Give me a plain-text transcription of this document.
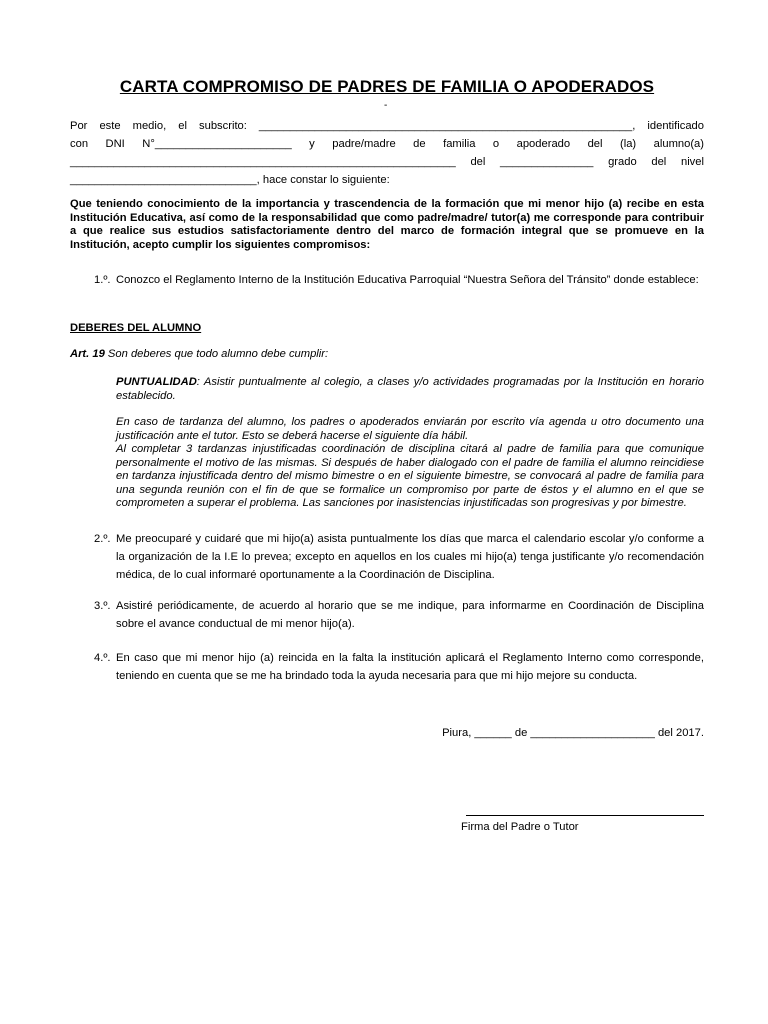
CARTA COMPROMISO DE PADRES DE FAMILIA O APODERADOS
-
Por este medio, el subscrito: ____________________________________________________________, identificado
con DNI N°______________________ y padre/madre de familia o apoderado del (la) alumno(a)
______________________________________________________________ del _______________ grado del nivel
______________________________, hace constar lo siguiente:
Que teniendo conocimiento de la importancia y trascendencia de la formación que mi menor hijo (a) recibe en esta Institución Educativa, así como de la responsabilidad que como padre/madre/ tutor(a) me corresponde para contribuir a que realice sus estudios satisfactoriamente dentro del marco de formación integral que se promueve en la Institución, acepto cumplir los siguientes compromisos:
1.º. Conozco el Reglamento Interno de la Institución Educativa Parroquial “Nuestra Señora del Tránsito” donde establece:
DEBERES DEL ALUMNO
Art. 19 Son deberes que todo alumno debe cumplir:
PUNTUALIDAD: Asistir puntualmente al colegio, a clases y/o actividades programadas por la Institución en horario establecido.
En caso de tardanza del alumno, los padres o apoderados enviarán por escrito vía agenda u otro documento una justificación ante el tutor. Esto se deberá hacerse el siguiente día hábil.
Al completar 3 tardanzas injustificadas coordinación de disciplina citará al padre de familia para que comunique personalmente el motivo de las mismas. Si después de haber dialogado con el padre de familia el alumno reincidiese en tardanza injustificada dentro del mismo bimestre o en el siguiente bimestre, se convocará al padre de familia para una segunda reunión con el fin de que se formalice un compromiso por parte de éstos y el alumno en el que se comprometen a superar el problema. Las sanciones por inasistencias injustificadas son progresivas y por bimestre.
2.º. Me preocuparé y cuidaré que mi hijo(a) asista puntualmente los días que marca el calendario escolar y/o conforme a la organización de la I.E lo prevea; excepto en aquellos en los cuales mi hijo(a) tenga justificante y/o recomendación médica, de lo cual informaré oportunamente a la Coordinación de Disciplina.
3.º. Asistiré periódicamente, de acuerdo al horario que se me indique, para informarme en Coordinación de Disciplina sobre el avance conductual de mi menor hijo(a).
4.º. En caso que mi menor hijo (a) reincida en la falta la institución aplicará el Reglamento Interno como corresponde, teniendo en cuenta que se me ha brindado toda la ayuda necesaria para que mi hijo mejore su conducta.
Piura, ______ de ____________________ del 2017.
Firma del Padre o Tutor
